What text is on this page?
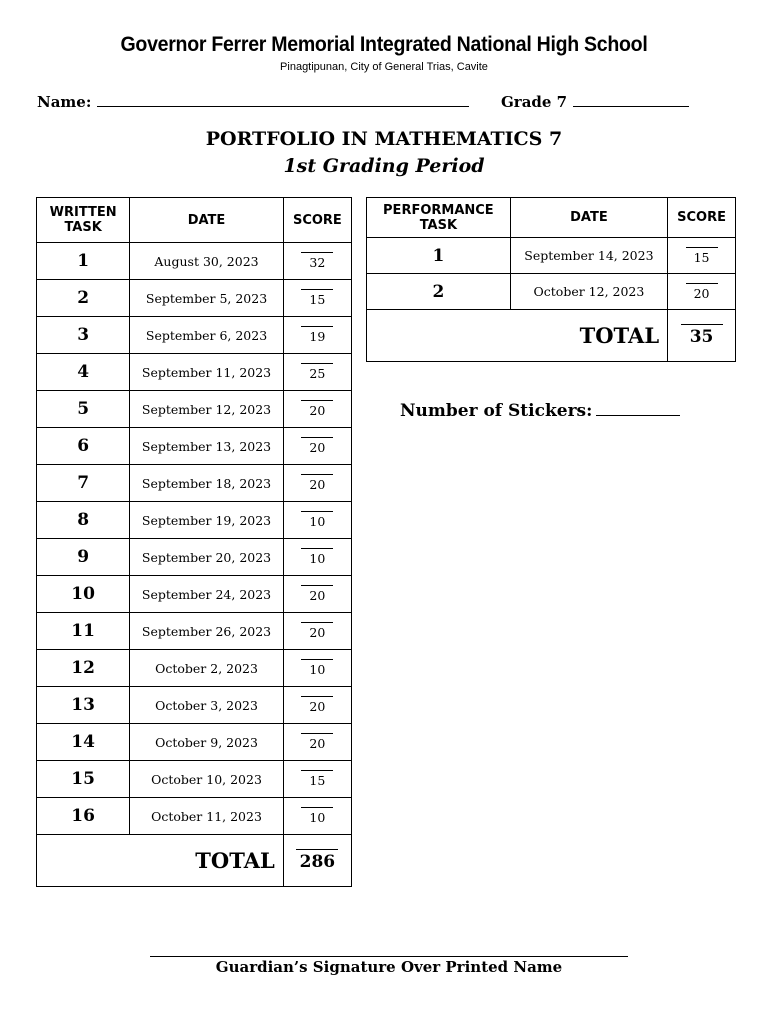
Governor Ferrer Memorial Integrated National High School
Pinagtipunan, City of General Trias, Cavite
Name:	Grade 7
PORTFOLIO IN MATHEMATICS 7
1st Grading Period
WRITTEN TASK	DATE	SCORE
1	August 30, 2023	32

2	September 5, 2023	15

3	September 6, 2023	19

4	September 11, 2023	25

5	September 12, 2023	20

6	September 13, 2023	20

7	September 18, 2023	20

8	September 19, 2023	10

9	September 20, 2023	10

10	September 24, 2023	20

11	September 26, 2023	20

12	October 2, 2023	10

13	October 3, 2023	20

14	October 9, 2023	20

15	October 10, 2023	15

16	October 11, 2023	10

TOTAL		286
PERFORMANCE TASK	DATE	SCORE
1	September 14, 2023	15

2	October 12, 2023	20

TOTAL		35
Number of Stickers:
Guardian’s Signature Over Printed Name
